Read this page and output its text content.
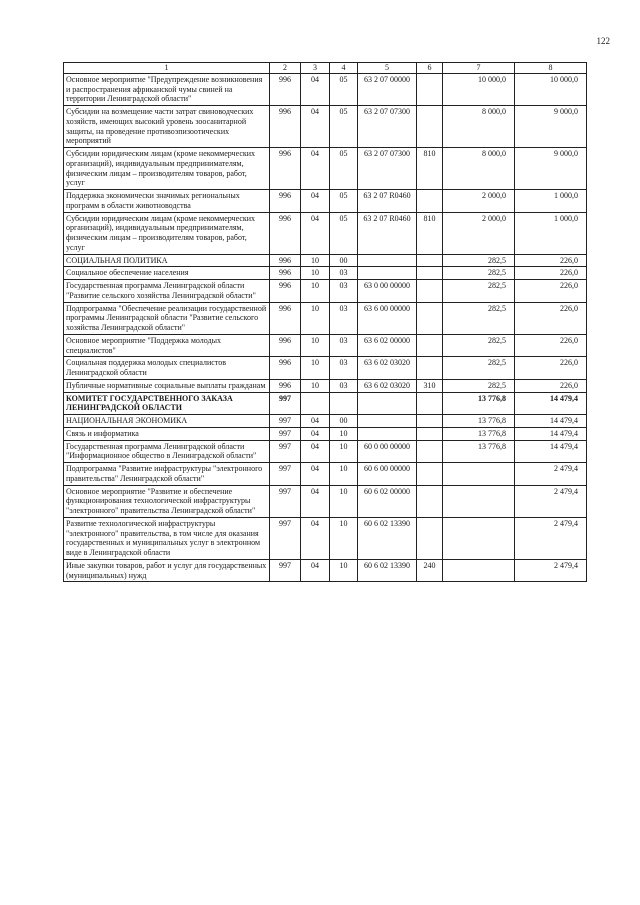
122
1	2	3	4	5	6	7	8
Основное мероприятие "Предупреждение возникновения и распространения африканской чумы свиней на территории Ленинградской области"	996	04	05	63 2 07 00000		10 000,0	10 000,0
Субсидии на возмещение части затрат свиноводческих хозяйств, имеющих высокий уровень зоосанитарной защиты, на проведение противоэпизоотических мероприятий	996	04	05	63 2 07 07300		8 000,0	9 000,0
Субсидии юридическим лицам (кроме некоммерческих организаций), индивидуальным предпринимателям, физическим лицам – производителям товаров, работ, услуг	996	04	05	63 2 07 07300	810	8 000,0	9 000,0
Поддержка экономически значимых региональных программ в области животноводства	996	04	05	63 2 07 R0460		2 000,0	1 000,0
Субсидии юридическим лицам (кроме некоммерческих организаций), индивидуальным предпринимателям, физическим лицам – производителям товаров, работ, услуг	996	04	05	63 2 07 R0460	810	2 000,0	1 000,0
СОЦИАЛЬНАЯ ПОЛИТИКА	996	10	00			282,5	226,0
Социальное обеспечение населения	996	10	03			282,5	226,0
Государственная программа Ленинградской области "Развитие сельского хозяйства Ленинградской области"	996	10	03	63 0 00 00000		282,5	226,0
Подпрограмма "Обеспечение реализации государственной программы Ленинградской области "Развитие сельского хозяйства Ленинградской области"	996	10	03	63 6 00 00000		282,5	226,0
Основное мероприятие "Поддержка молодых специалистов"	996	10	03	63 6 02 00000		282,5	226,0
Социальная поддержка молодых специалистов Ленинградской области	996	10	03	63 6 02 03020		282,5	226,0
Публичные нормативные социальные выплаты гражданам	996	10	03	63 6 02 03020	310	282,5	226,0
КОМИТЕТ ГОСУДАРСТВЕННОГО ЗАКАЗА ЛЕНИНГРАДСКОЙ ОБЛАСТИ	997					13 776,8	14 479,4
НАЦИОНАЛЬНАЯ ЭКОНОМИКА	997	04	00			13 776,8	14 479,4
Связь и информатика	997	04	10			13 776,8	14 479,4
Государственная программа Ленинградской области "Информационное общество в Ленинградской области"	997	04	10	60 0 00 00000		13 776,8	14 479,4
Подпрограмма "Развитие инфраструктуры "электронного правительства" Ленинградской области"	997	04	10	60 6 00 00000			2 479,4
Основное мероприятие "Развитие и обеспечение функционирования технологической инфраструктуры "электронного" правительства Ленинградской области"	997	04	10	60 6 02 00000			2 479,4
Развитие технологической инфраструктуры "электронного" правительства, в том числе для оказания государственных и муниципальных услуг в электронном виде в Ленинградской области	997	04	10	60 6 02 13390			2 479,4
Иные закупки товаров, работ и услуг для государственных (муниципальных) нужд	997	04	10	60 6 02 13390	240		2 479,4
